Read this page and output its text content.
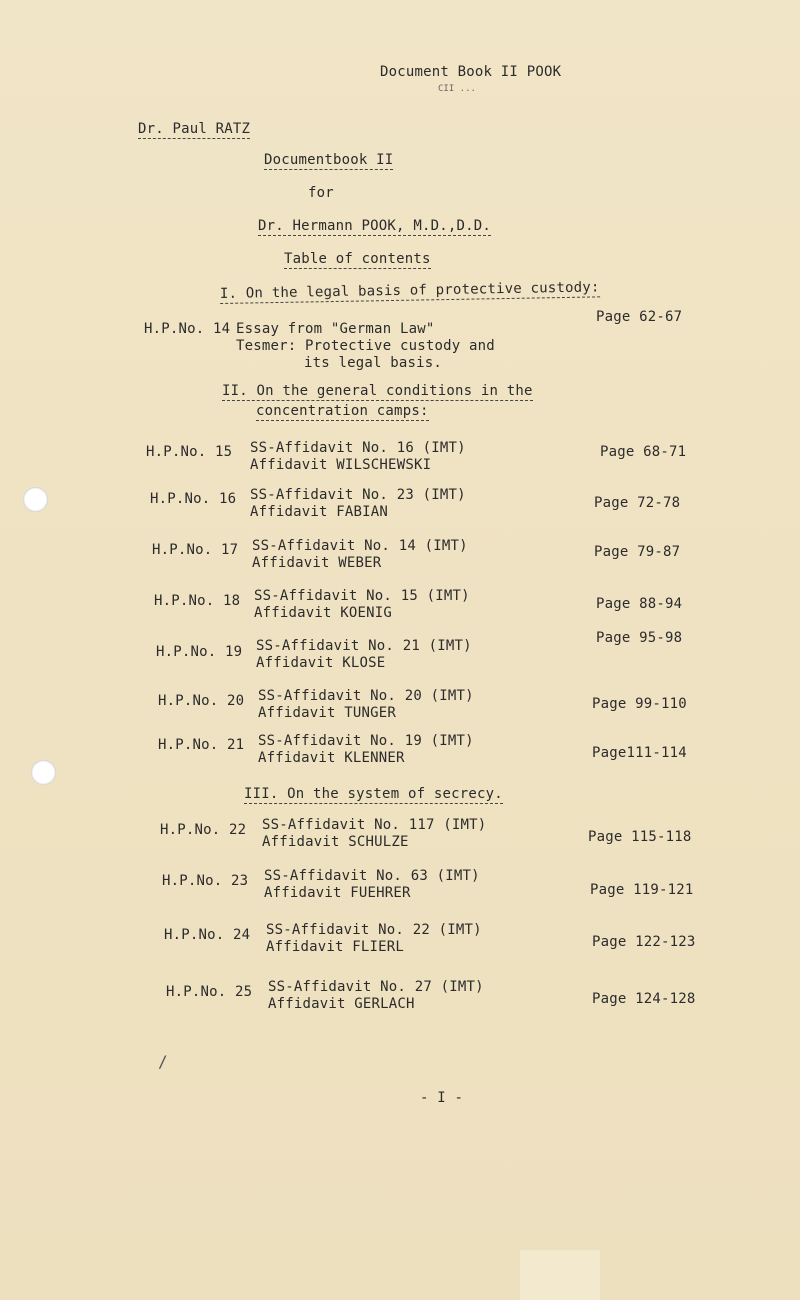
Document Book II POOK
CII ...
Dr. Paul RATZ
Documentbook II
for
Dr. Hermann POOK, M.D.,D.D.
Table of contents
I. On the legal basis of protective custody:
H.P.No. 14 Essay from "German Law"
Tesmer: Protective custody and
its legal basis.
Page 62-67
II. On the general conditions in the
concentration camps:
H.P.No. 15 SS-Affidavit No. 16 (IMT)
Affidavit WILSCHEWSKI
Page 68-71
H.P.No. 16 SS-Affidavit No. 23 (IMT)
Affidavit FABIAN
Page 72-78
H.P.No. 17 SS-Affidavit No. 14 (IMT)
Affidavit WEBER
Page 79-87
H.P.No. 18 SS-Affidavit No. 15 (IMT)
Affidavit KOENIG
Page 88-94
H.P.No. 19 SS-Affidavit No. 21 (IMT)
Affidavit KLOSE
Page 95-98
H.P.No. 20 SS-Affidavit No. 20 (IMT)
Affidavit TUNGER
Page 99-110
H.P.No. 21 SS-Affidavit No. 19 (IMT)
Affidavit KLENNER	Page111-114
III. On the system of secrecy.
H.P.No. 22 SS-Affidavit No. 117 (IMT)
Affidavit SCHULZE	Page 115-118
H.P.No. 23 SS-Affidavit No. 63 (IMT)
Affidavit FUEHRER	Page 119-121
H.P.No. 24 SS-Affidavit No. 22 (IMT)
Affidavit FLIERL	Page 122-123
H.P.No. 25 SS-Affidavit No. 27 (IMT)
Affidavit GERLACH	Page 124-128
/
- I -
